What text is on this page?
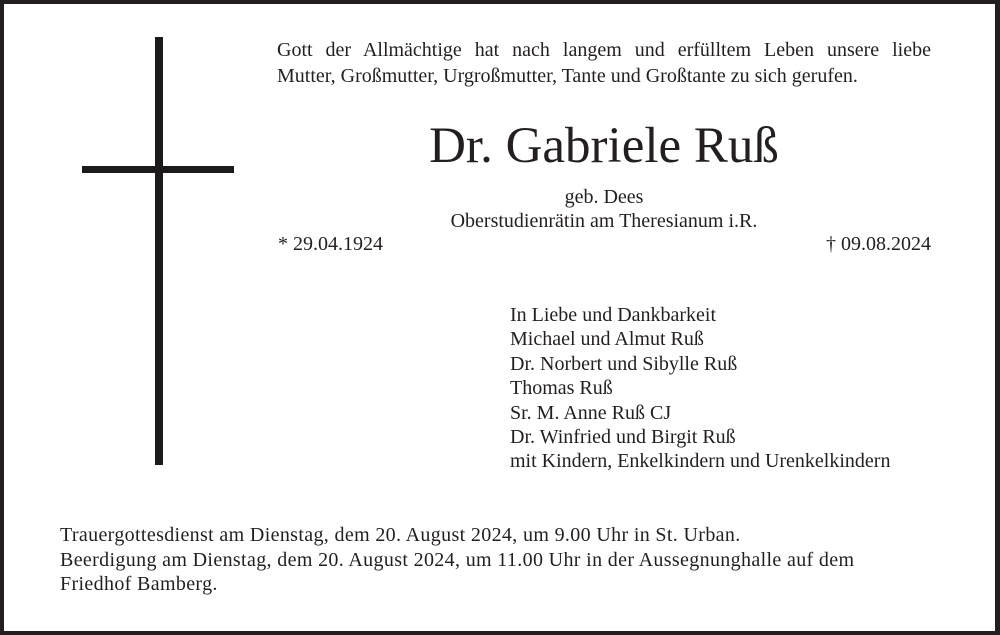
Gott der Allmächtige hat nach langem und erfülltem Leben unsere liebe
Mutter, Großmutter, Urgroßmutter, Tante und Großtante zu sich gerufen.
Dr. Gabriele Ruß
geb. Dees
Oberstudienrätin am Theresianum i.R.
* 29.04.1924	† 09.08.2024
In Liebe und Dankbarkeit
Michael und Almut Ruß
Dr. Norbert und Sibylle Ruß
Thomas Ruß
Sr. M. Anne Ruß CJ
Dr. Winfried und Birgit Ruß
mit Kindern, Enkelkindern und Urenkelkindern
Trauergottesdienst am Dienstag, dem 20. August 2024, um 9.00 Uhr in St. Urban.
Beerdigung am Dienstag, dem 20. August 2024, um 11.00 Uhr in der Aussegnunghalle auf dem
Friedhof Bamberg.
